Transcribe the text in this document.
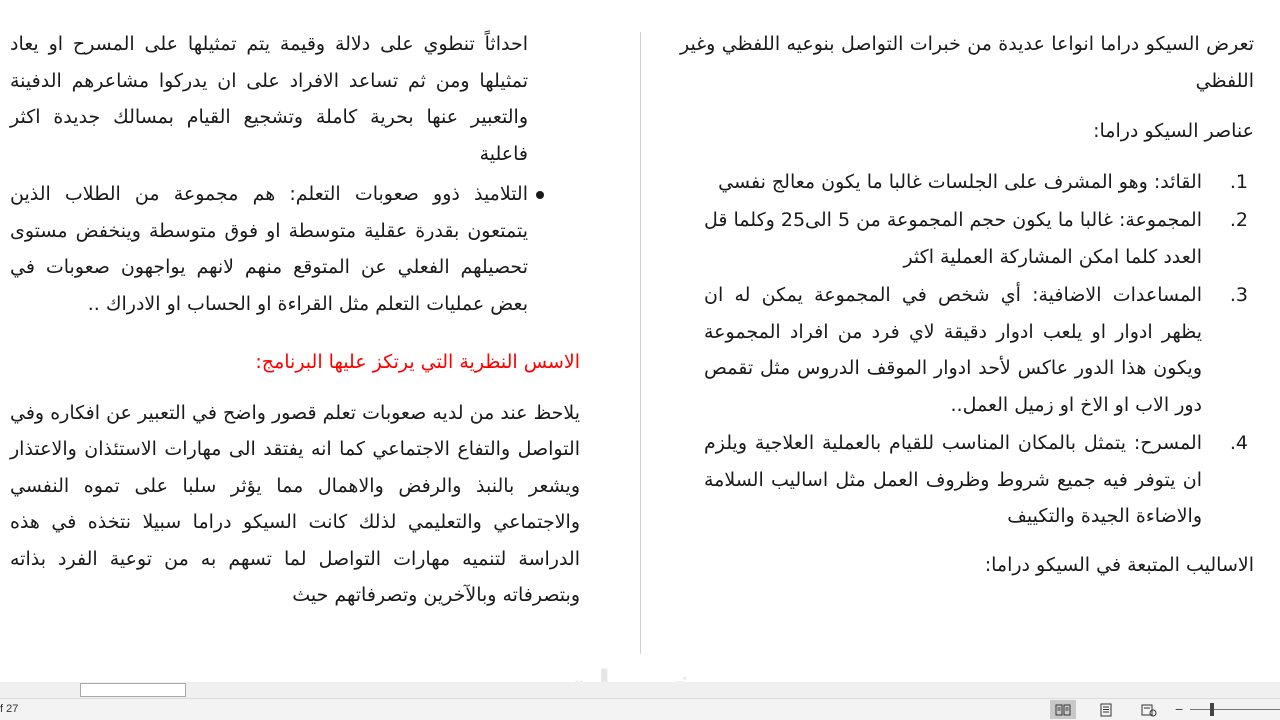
تعرض السيكو دراما انواعا عديدة من خبرات التواصل بنوعيه اللفظي وغير اللفظي

عناصر السيكو دراما:

.1
القائد: وهو المشرف على الجلسات غالبا ما يكون معالج نفسي
.2
المجموعة: غالبا ما يكون حجم المجموعة من 5 الى25 وكلما قل العدد كلما امكن المشاركة العملية اكثر
.3
المساعدات الاضافية: أي شخص في المجموعة يمكن له ان يظهر ادوار او يلعب ادوار دقيقة لاي فرد من افراد المجموعة ويكون هذا الدور عاكس لأحد ادوار الموقف الدروس مثل تقمص دور الاب او الاخ او زميل العمل..
.4
المسرح: يتمثل بالمكان المناسب للقيام بالعملية العلاجية ويلزم ان يتوفر فيه جميع شروط وظروف العمل مثل اساليب السلامة والاضاءة الجيدة والتكييف

الاساليب المتبعة في السيكو دراما:

احداثاً تنطوي على دلالة وقيمة يتم تمثيلها على المسرح او يعاد تمثيلها ومن ثم تساعد الافراد على ان يدركوا مشاعرهم الدفينة والتعبير عنها بحرية كاملة وتشجيع القيام بمسالك جديدة اكثر فاعلية

التلاميذ ذوو صعوبات التعلم: هم مجموعة من الطلاب الذين يتمتعون بقدرة عقلية متوسطة او فوق متوسطة وينخفض مستوى تحصيلهم الفعلي عن المتوقع منهم لانهم يواجهون صعوبات في بعض عمليات التعلم مثل القراءة او الحساب او الادراك ..

الاسس النظرية التي يرتكز عليها البرنامج:

يلاحظ عند من لديه صعوبات تعلم قصور واضح في التعبير عن افكاره وفي التواصل والتفاع الاجتماعي كما انه يفتقد الى مهارات الاستئذان والاعتذار ويشعر بالنبذ والرفض والاهمال مما يؤثر سلبا على تموه النفسي والاجتماعي والتعليمي لذلك كانت السيكو دراما سبيلا نتخذه في هذه الدراسة لتنميه مهارات التواصل لما تسهم به من توعية الفرد بذاته وبتصرفاته وبالآخرين وتصرفاتهم حيث

f 27	−
